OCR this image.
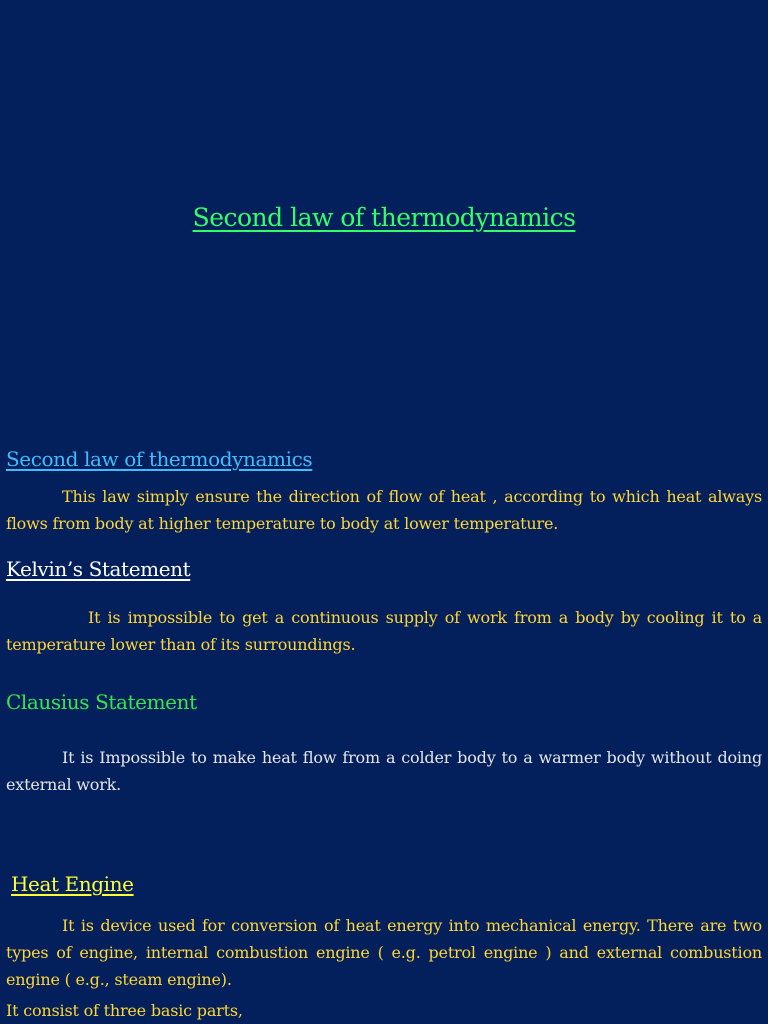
Second law of thermodynamics
Second law of thermodynamics
This law simply ensure the direction of flow of heat , according to which heat always flows from body at higher temperature to body at lower temperature.
Kelvin’s Statement
It is impossible to get a continuous supply of work from a body by cooling it to a temperature lower than of its surroundings.
Clausius Statement
It is Impossible to make heat flow from a colder body to a warmer body without doing external work.
Heat Engine
It is device used for conversion of heat energy into mechanical energy. There are two types of engine, internal combustion engine ( e.g. petrol engine ) and external combustion engine ( e.g., steam engine).
It consist of three basic parts,
